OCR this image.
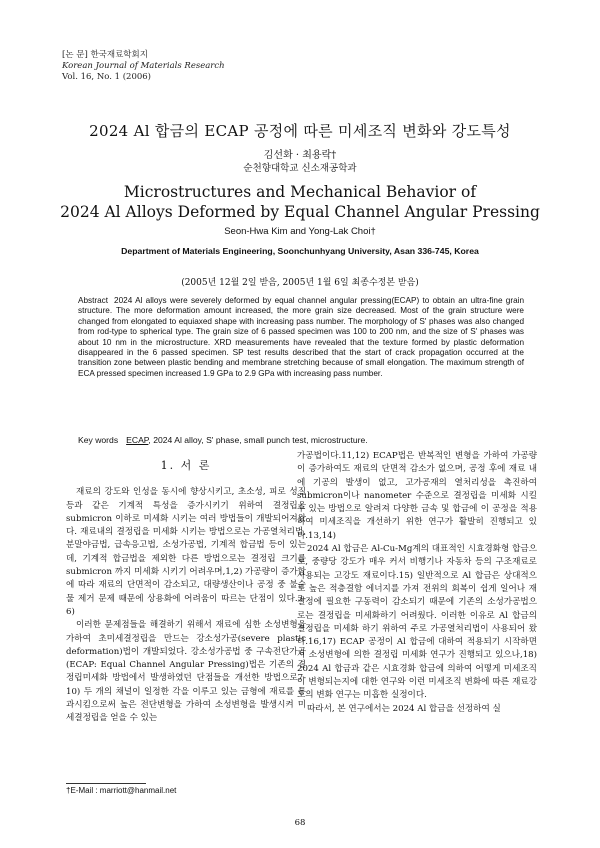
[논 문] 한국재료학회지
Korean Journal of Materials Research
Vol. 16, No. 1 (2006)
2024 Al 합금의 ECAP 공정에 따른 미세조직 변화와 강도특성
김선화 · 최용락†
순천향대학교 신소재공학과
Microstructures and Mechanical Behavior of
2024 Al Alloys Deformed by Equal Channel Angular Pressing
Seon-Hwa Kim and Yong-Lak Choi†
Department of Materials Engineering, Soonchunhyang University, Asan 336-745, Korea
(2005년 12월 2일 받음, 2005년 1월 6일 최종수정본 받음)
Abstract 2024 Al alloys were severely deformed by equal channel angular pressing(ECAP) to obtain an ultra-fine grain structure. The more deformation amount increased, the more grain size decreased. Most of the grain structure were changed from elongated to equiaxed shape with increasing pass number. The morphology of S' phases was also changed from rod-type to spherical type. The grain size of 6 passed specimen was 100 to 200 nm, and the size of S' phases was about 10 nm in the microstructure. XRD measurements have revealed that the texture formed by plastic deformation disappeared in the 6 passed specimen. SP test results described that the start of crack propagation occurred at the transition zone between plastic bending and membrane stretching because of small elongation. The maximum strength of ECA pressed specimen increased 1.9 GPa to 2.9 GPa with increasing pass number.
Key words ECAP, 2024 Al alloy, S' phase, small punch test, microstructure.
1. 서 론

재료의 강도와 인성을 동시에 향상시키고, 초소성, 피로 성질 등과 같은 기계적 특성을 증가시키기 위하여 결정립을 submicron 이하로 미세화 시키는 여러 방법들이 개발되어져왔다. 재료내의 결정립을 미세화 시키는 방법으로는 가공열처리법, 분말야금법, 급속응고법, 소성가공법, 기계적 합금법 등이 있는데, 기계적 합금법을 제외한 다른 방법으로는 결정립 크기를 submicron 까지 미세화 시키기 어려우며,1,2) 가공량이 증가함에 따라 재료의 단면적이 감소되고, 대량생산이나 공정 중 불순물 제거 문제 때문에 상용화에 어려움이 따르는 단점이 있다.3-6)

이러한 문제점들을 해결하기 위해서 재료에 심한 소성변형을 가하여 초미세결정립을 만드는 강소성가공(severe plastic deformation)법이 개발되었다. 강소성가공법 중 구속전단가공(ECAP: Equal Channel Angular Pressing)법은 기존의 결정립미세화 방법에서 발생하였던 단점들을 개선한 방법으로7-10) 두 개의 채널이 일정한 각을 이루고 있는 금형에 재료를 통과시킴으로써 높은 전단변형을 가하여 소성변형을 발생시켜 미세결정립을 얻을 수 있는

가공법이다.11,12) ECAP법은 반복적인 변형을 가하여 가공량이 증가하여도 재료의 단면적 감소가 없으며, 공정 후에 재료 내에 기공의 발생이 없고, 고가공재의 열처리성을 촉진하여 submicron이나 nanometer 수준으로 결정립을 미세화 시킬 수 있는 방법으로 알려져 다양한 금속 및 합금에 이 공정을 적용하여 미세조직을 개선하기 위한 연구가 활발히 진행되고 있다.13,14)

2024 Al 합금은 Al-Cu-Mg계의 대표적인 시효경화형 합금으로, 중량당 강도가 매우 커서 비행기나 자동차 등의 구조재료로 사용되는 고강도 재료이다.15) 일반적으로 Al 합금은 상대적으로 높은 적층결함 에너지를 가져 전위의 회복이 쉽게 일어나 재결정에 필요한 구동력이 감소되기 때문에 기존의 소성가공법으로는 결정립을 미세화하기 어려웠다. 이러한 이유로 Al 합금의 결정립을 미세화 하기 위하여 주로 가공열처리법이 사용되어 왔다.16,17) ECAP 공정이 Al 합금에 대하여 적용되기 시작하면서 소성변형에 의한 결정립 미세화 연구가 진행되고 있으나,18) 2024 Al 합금과 같은 시효경화 합금에 의하여 어떻게 미세조직이 변형되는지에 대한 연구와 이런 미세조직 변화에 따른 재료강도의 변화 연구는 미흡한 실정이다.

따라서, 본 연구에서는 2024 Al 합금을 선정하여 실

†E-Mail : marriott@hanmail.net
68
